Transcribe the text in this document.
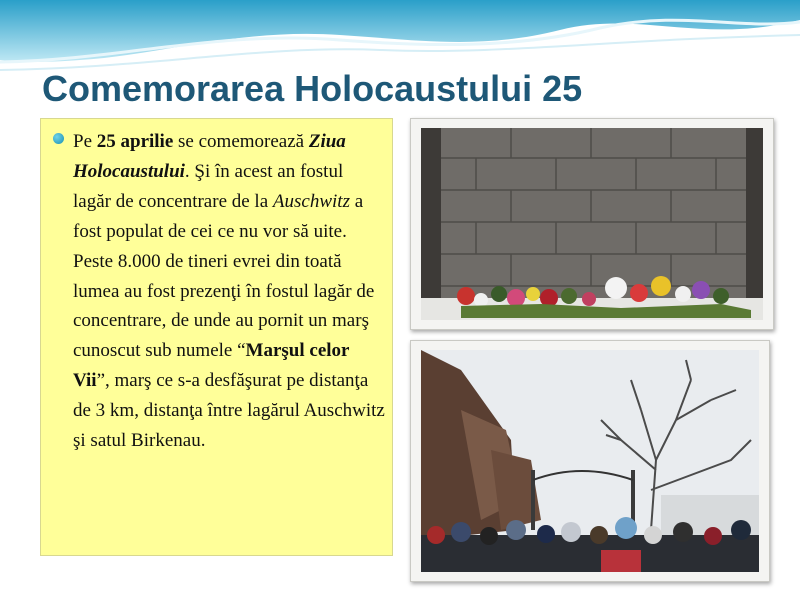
Comemorarea Holocaustului 25

Pe 25 aprilie se comemorează Ziua Holocaustului. Şi în acest an fostul lagăr de concentrare de la Auschwitz a fost populat de cei ce nu vor să uite. Peste 8.000 de tineri evrei din toată lumea au fost prezenţi în fostul lagăr de concentrare, de unde au pornit un marş cunoscut sub numele “Marşul celor Vii”, marş ce s-a desfăşurat pe distanţa de 3 km, distanţa între lagărul Auschwitz şi satul Birkenau.
